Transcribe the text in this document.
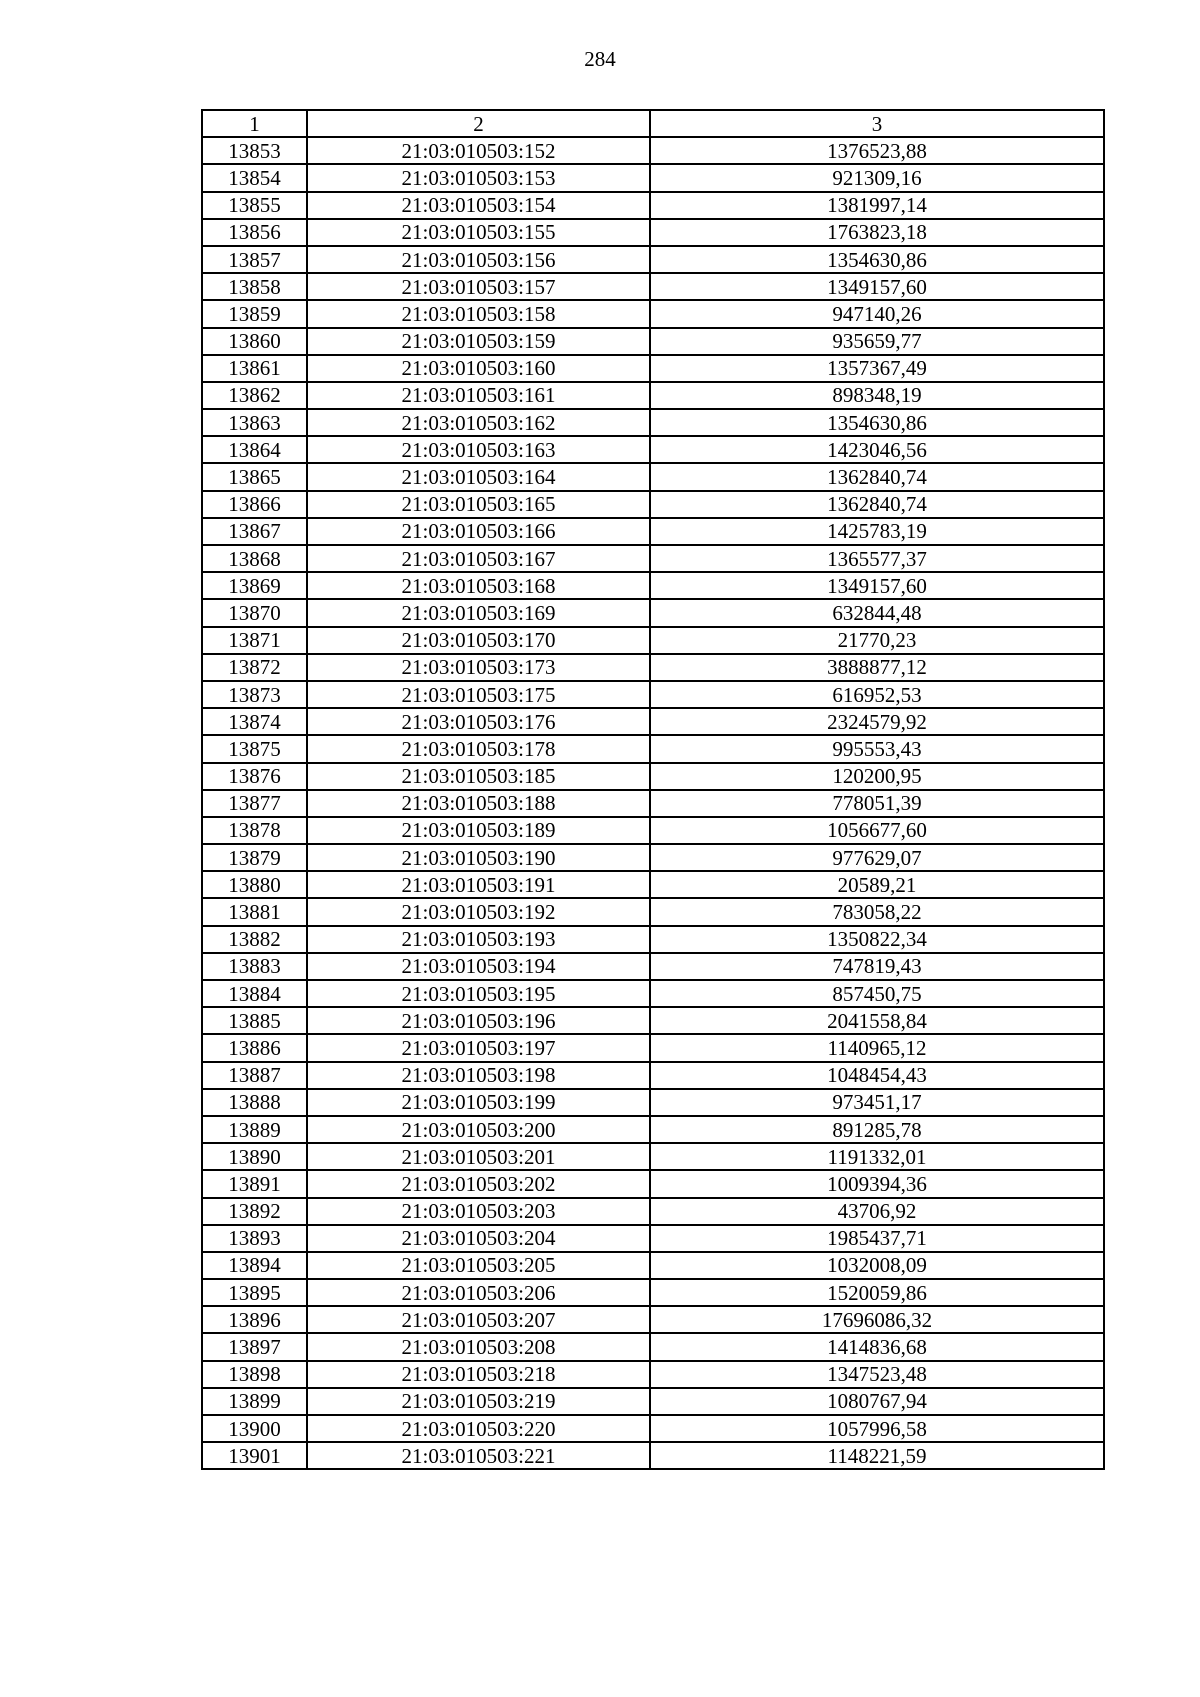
284
1	2	3
13853	21:03:010503:152	1376523,88
13854	21:03:010503:153	921309,16
13855	21:03:010503:154	1381997,14
13856	21:03:010503:155	1763823,18
13857	21:03:010503:156	1354630,86
13858	21:03:010503:157	1349157,60
13859	21:03:010503:158	947140,26
13860	21:03:010503:159	935659,77
13861	21:03:010503:160	1357367,49
13862	21:03:010503:161	898348,19
13863	21:03:010503:162	1354630,86
13864	21:03:010503:163	1423046,56
13865	21:03:010503:164	1362840,74
13866	21:03:010503:165	1362840,74
13867	21:03:010503:166	1425783,19
13868	21:03:010503:167	1365577,37
13869	21:03:010503:168	1349157,60
13870	21:03:010503:169	632844,48
13871	21:03:010503:170	21770,23
13872	21:03:010503:173	3888877,12
13873	21:03:010503:175	616952,53
13874	21:03:010503:176	2324579,92
13875	21:03:010503:178	995553,43
13876	21:03:010503:185	120200,95
13877	21:03:010503:188	778051,39
13878	21:03:010503:189	1056677,60
13879	21:03:010503:190	977629,07
13880	21:03:010503:191	20589,21
13881	21:03:010503:192	783058,22
13882	21:03:010503:193	1350822,34
13883	21:03:010503:194	747819,43
13884	21:03:010503:195	857450,75
13885	21:03:010503:196	2041558,84
13886	21:03:010503:197	1140965,12
13887	21:03:010503:198	1048454,43
13888	21:03:010503:199	973451,17
13889	21:03:010503:200	891285,78
13890	21:03:010503:201	1191332,01
13891	21:03:010503:202	1009394,36
13892	21:03:010503:203	43706,92
13893	21:03:010503:204	1985437,71
13894	21:03:010503:205	1032008,09
13895	21:03:010503:206	1520059,86
13896	21:03:010503:207	17696086,32
13897	21:03:010503:208	1414836,68
13898	21:03:010503:218	1347523,48
13899	21:03:010503:219	1080767,94
13900	21:03:010503:220	1057996,58
13901	21:03:010503:221	1148221,59
